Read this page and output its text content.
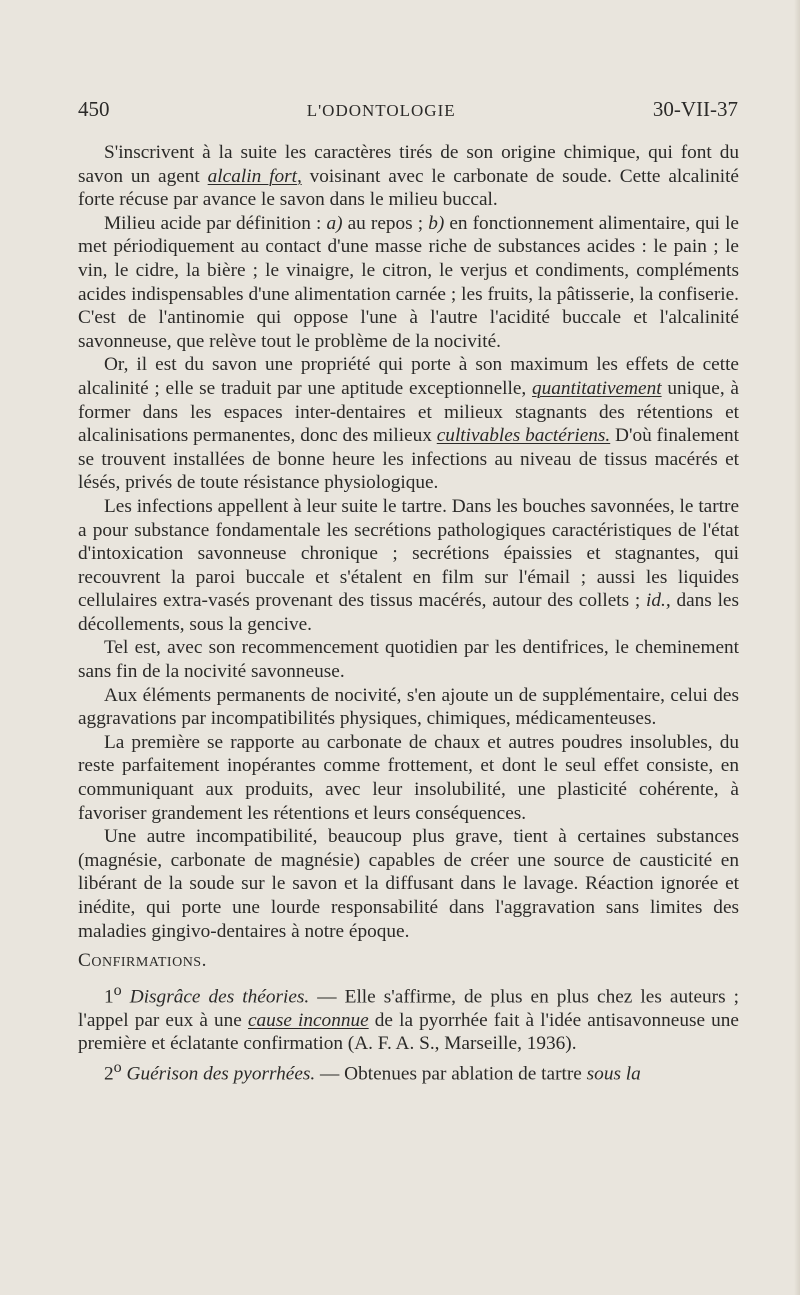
450	L'ODONTOLOGIE	30-VII-37

S'inscrivent à la suite les caractères tirés de son origine chimique, qui font du savon un agent alcalin fort, voisinant avec le carbonate de soude. Cette alcalinité forte récuse par avance le savon dans le milieu buccal.

Milieu acide par définition : a) au repos ; b) en fonctionnement alimentaire, qui le met périodiquement au contact d'une masse riche de substances acides : le pain ; le vin, le cidre, la bière ; le vinaigre, le citron, le verjus et condiments, compléments acides indispensables d'une alimentation carnée ; les fruits, la pâtisserie, la confiserie. C'est de l'antinomie qui oppose l'une à l'autre l'acidité buccale et l'alcalinité savonneuse, que relève tout le problème de la nocivité.

Or, il est du savon une propriété qui porte à son maximum les effets de cette alcalinité ; elle se traduit par une aptitude exceptionnelle, quantitativement unique, à former dans les espaces inter-dentaires et milieux stagnants des rétentions et alcalinisations permanentes, donc des milieux cultivables bactériens. D'où finalement se trouvent installées de bonne heure les infections au niveau de tissus macérés et lésés, privés de toute résistance physiologique.

Les infections appellent à leur suite le tartre. Dans les bouches savonnées, le tartre a pour substance fondamentale les secrétions pathologiques caractéristiques de l'état d'intoxication savonneuse chronique ; secrétions épaissies et stagnantes, qui recouvrent la paroi buccale et s'étalent en film sur l'émail ; aussi les liquides cellulaires extra-vasés provenant des tissus macérés, autour des collets ; id., dans les décollements, sous la gencive.

Tel est, avec son recommencement quotidien par les dentifrices, le cheminement sans fin de la nocivité savonneuse.

Aux éléments permanents de nocivité, s'en ajoute un de supplémentaire, celui des aggravations par incompatibilités physiques, chimiques, médicamenteuses.

La première se rapporte au carbonate de chaux et autres poudres insolubles, du reste parfaitement inopérantes comme frottement, et dont le seul effet consiste, en communiquant aux produits, avec leur insolubilité, une plasticité cohérente, à favoriser grandement les rétentions et leurs conséquences.

Une autre incompatibilité, beaucoup plus grave, tient à certaines substances (magnésie, carbonate de magnésie) capables de créer une source de causticité en libérant de la soude sur le savon et la diffusant dans le lavage. Réaction ignorée et inédite, qui porte une lourde responsabilité dans l'aggravation sans limites des maladies gingivo-dentaires à notre époque.

Confirmations.

1$^o$ Disgrâce des théories. — Elle s'affirme, de plus en plus chez les auteurs ; l'appel par eux à une cause inconnue de la pyorrhée fait à l'idée antisavonneuse une première et éclatante confirmation (A. F. A. S., Marseille, 1936).

2$^o$ Guérison des pyorrhées. — Obtenues par ablation de tartre sous la
